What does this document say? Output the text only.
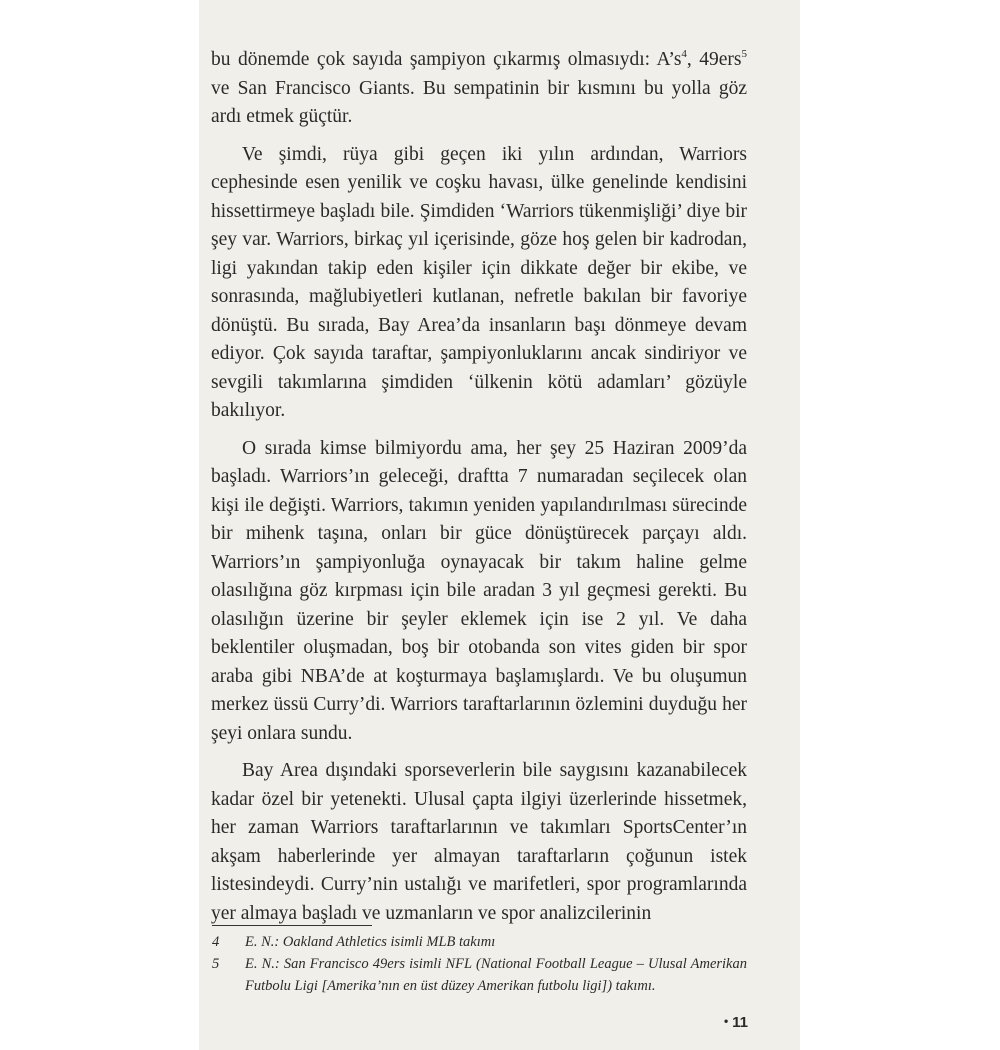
bu dönemde çok sayıda şampiyon çıkarmış olmasıydı: $A’s^4$, 49ers$^5$ ve San Francisco Giants. Bu sempatinin bir kısmını bu yolla göz ardı etmek güçtür.

Ve şimdi, rüya gibi geçen iki yılın ardından, Warriors cephesinde esen yenilik ve coşku havası, ülke genelinde kendisini hissettirmeye başladı bile. Şimdiden ‘Warriors tükenmişliği’ diye bir şey var. Warriors, birkaç yıl içerisinde, göze hoş gelen bir kadrodan, ligi yakından takip eden kişiler için dikkate değer bir ekibe, ve sonrasında, mağlubiyetleri kutlanan, nefretle bakılan bir favoriye dönüştü. Bu sırada, Bay Area’da insanların başı dönmeye devam ediyor. Çok sayıda taraftar, şampiyonluklarını ancak sindiriyor ve sevgili takımlarına şimdiden ‘ülkenin kötü adamları’ gözüyle bakılıyor.

O sırada kimse bilmiyordu ama, her şey 25 Haziran 2009’da başladı. Warriors’ın geleceği, draftta 7 numaradan seçilecek olan kişi ile değişti. Warriors, takımın yeniden yapılandırılması sürecinde bir mihenk taşına, onları bir güce dönüştürecek parçayı aldı. Warriors’ın şampiyonluğa oynayacak bir takım haline gelme olasılığına göz kırpması için bile aradan 3 yıl geçmesi gerekti. Bu olasılığın üzerine bir şeyler eklemek için ise 2 yıl. Ve daha beklentiler oluşmadan, boş bir otobanda son vites giden bir spor araba gibi NBA’de at koşturmaya başlamışlardı. Ve bu oluşumun merkez üssü Curry’di. Warriors taraftarlarının özlemini duyduğu her şeyi onlara sundu.

Bay Area dışındaki sporseverlerin bile saygısını kazanabilecek kadar özel bir yetenekti. Ulusal çapta ilgiyi üzerlerinde hissetmek, her zaman Warriors taraftarlarının ve takımları SportsCenter’ın akşam haberlerinde yer almayan taraftarların çoğunun istek listesindeydi. Curry’nin ustalığı ve marifetleri, spor programlarında yer almaya başladı ve uzmanların ve spor analizcilerinin

4	E. N.: Oakland Athletics isimli MLB takımı
5	E. N.: San Francisco 49ers isimli NFL (National Football League – Ulusal Amerikan Futbolu Ligi [Amerika’nın en üst düzey Amerikan futbolu ligi]) takımı.
• 11
